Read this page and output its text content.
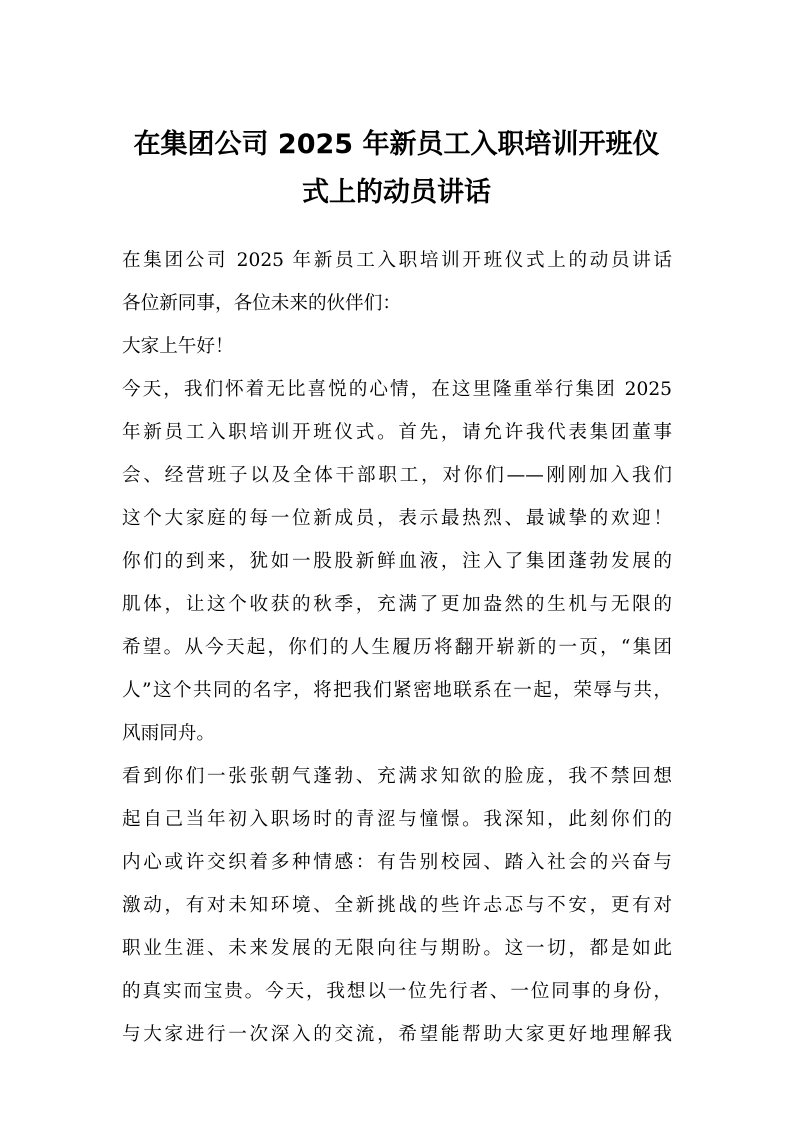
在集团公司 2025 年新员工入职培训开班仪
式上的动员讲话
在集团公司 2025 年新员工入职培训开班仪式上的动员讲话
各位新同事，各位未来的伙伴们：
大家上午好！
今天，我们怀着无比喜悦的心情，在这里隆重举行集团 2025
年新员工入职培训开班仪式。首先，请允许我代表集团董事
会、经营班子以及全体干部职工，对你们——刚刚加入我们
这个大家庭的每一位新成员，表示最热烈、最诚挚的欢迎！
你们的到来，犹如一股股新鲜血液，注入了集团蓬勃发展的
肌体，让这个收获的秋季，充满了更加盎然的生机与无限的
希望。从今天起，你们的人生履历将翻开崭新的一页，“集团
人”这个共同的名字，将把我们紧密地联系在一起，荣辱与共，
风雨同舟。
看到你们一张张朝气蓬勃、充满求知欲的脸庞，我不禁回想
起自己当年初入职场时的青涩与憧憬。我深知，此刻你们的
内心或许交织着多种情感：有告别校园、踏入社会的兴奋与
激动，有对未知环境、全新挑战的些许忐忑与不安，更有对
职业生涯、未来发展的无限向往与期盼。这一切，都是如此
的真实而宝贵。今天，我想以一位先行者、一位同事的身份，
与大家进行一次深入的交流，希望能帮助大家更好地理解我
